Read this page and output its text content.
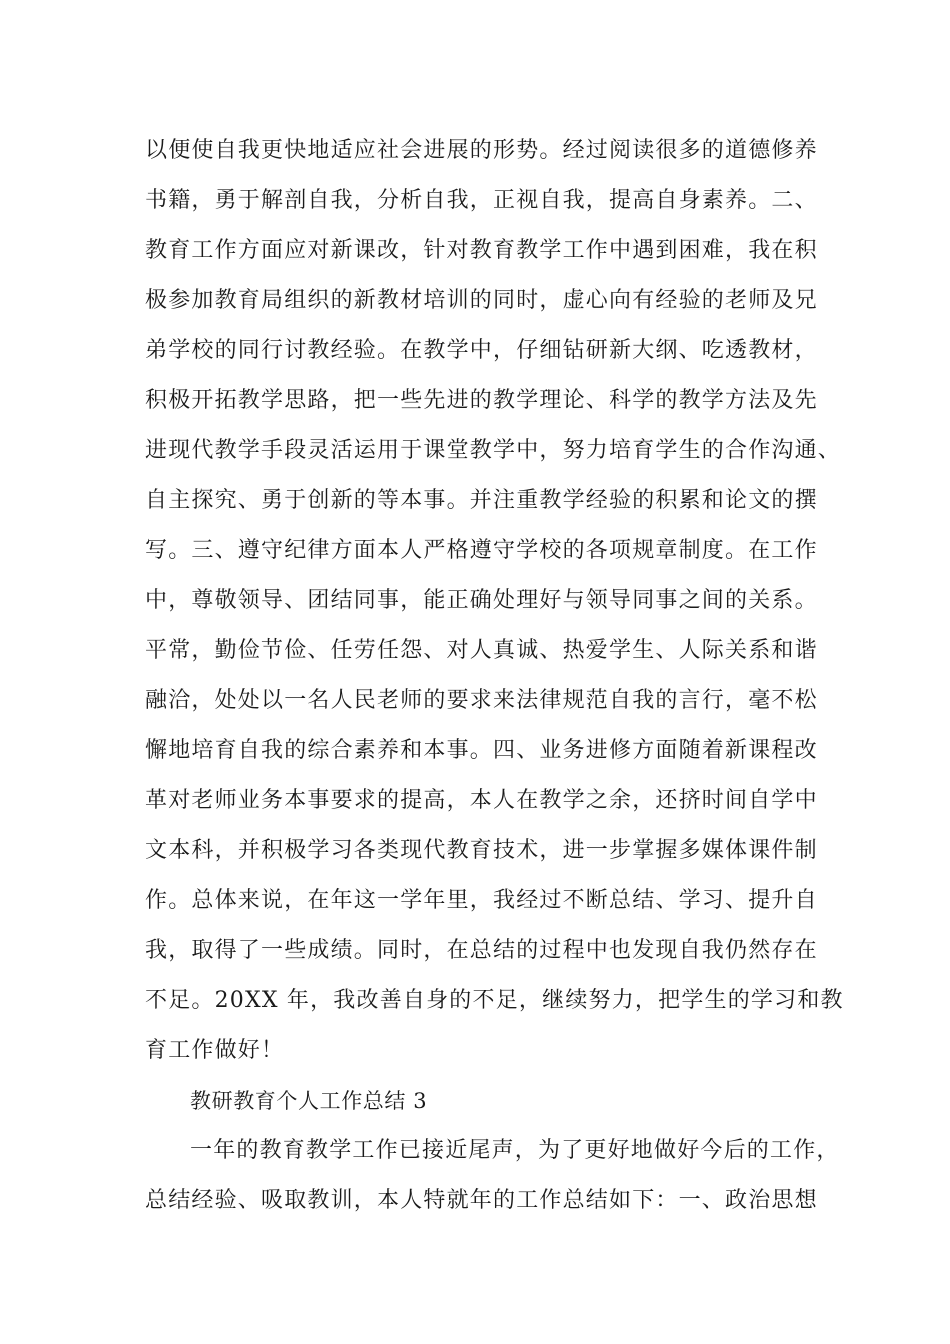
以便使自我更快地适应社会进展的形势。经过阅读很多的道德修养

书籍，勇于解剖自我，分析自我，正视自我，提高自身素养。二、

教育工作方面应对新课改，针对教育教学工作中遇到困难，我在积

极参加教育局组织的新教材培训的同时，虚心向有经验的老师及兄

弟学校的同行讨教经验。在教学中，仔细钻研新大纲、吃透教材，

积极开拓教学思路，把一些先进的教学理论、科学的教学方法及先

进现代教学手段灵活运用于课堂教学中，努力培育学生的合作沟通、

自主探究、勇于创新的等本事。并注重教学经验的积累和论文的撰

写。三、遵守纪律方面本人严格遵守学校的各项规章制度。在工作

中，尊敬领导、团结同事，能正确处理好与领导同事之间的关系。

平常，勤俭节俭、任劳任怨、对人真诚、热爱学生、人际关系和谐

融洽，处处以一名人民老师的要求来法律规范自我的言行，毫不松

懈地培育自我的综合素养和本事。四、业务进修方面随着新课程改

革对老师业务本事要求的提高，本人在教学之余，还挤时间自学中

文本科，并积极学习各类现代教育技术，进一步掌握多媒体课件制

作。总体来说，在年这一学年里，我经过不断总结、学习、提升自

我，取得了一些成绩。同时，在总结的过程中也发现自我仍然存在

不足。20XX 年，我改善自身的不足，继续努力，把学生的学习和教

育工作做好！

教研教育个人工作总结 3

一年的教育教学工作已接近尾声，为了更好地做好今后的工作，

总结经验、吸取教训，本人特就年的工作总结如下：一、政治思想
